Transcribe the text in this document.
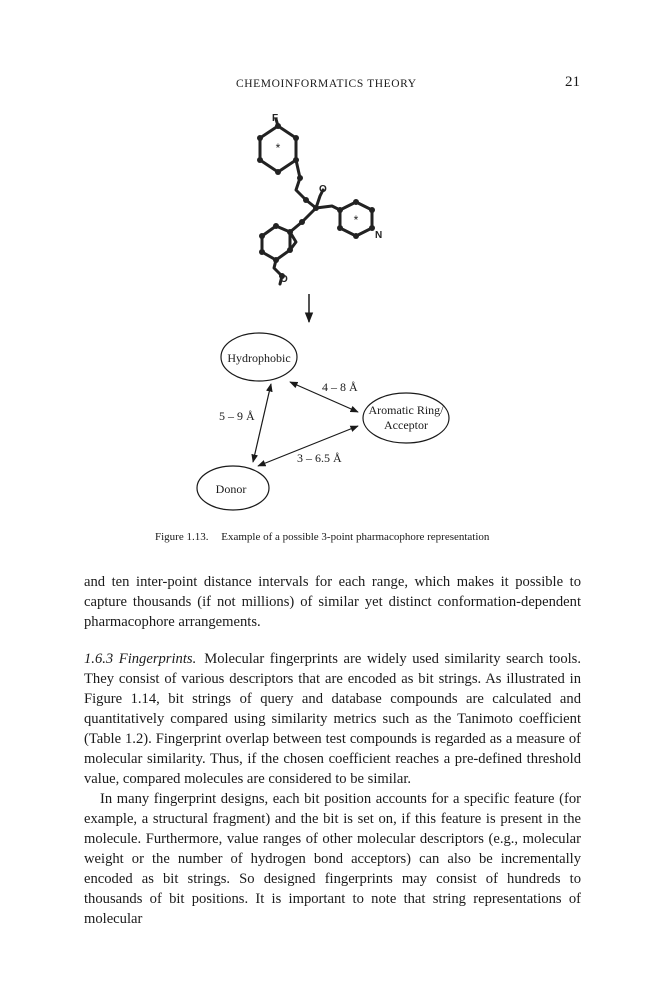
CHEMOINFORMATICS THEORY	21
*
*
F
O
N
O
Hydrophobic
Aromatic Ring/
Acceptor
Donor
4 – 8 Å
5 – 9 Å
3 – 6.5 Å
Figure 1.13. Example of a possible 3-point pharmacophore representation

and ten inter-point distance intervals for each range, which makes it possible to capture thousands (if not millions) of similar yet distinct conformation-dependent pharmacophore arrangements.

1.6.3 Fingerprints. Molecular fingerprints are widely used similarity search tools. They consist of various descriptors that are encoded as bit strings. As illustrated in Figure 1.14, bit strings of query and database compounds are calculated and quantitatively compared using similarity metrics such as the Tanimoto coefficient (Table 1.2). Fingerprint overlap between test compounds is regarded as a measure of molecular similarity. Thus, if the chosen coefficient reaches a pre-defined threshold value, compared molecules are considered to be similar.

In many fingerprint designs, each bit position accounts for a specific feature (for example, a structural fragment) and the bit is set on, if this feature is present in the molecule. Furthermore, value ranges of other molecular descriptors (e.g., molecular weight or the number of hydrogen bond acceptors) can also be incrementally encoded as bit strings. So designed fingerprints may consist of hundreds to thousands of bit positions. It is important to note that string representations of molecular
